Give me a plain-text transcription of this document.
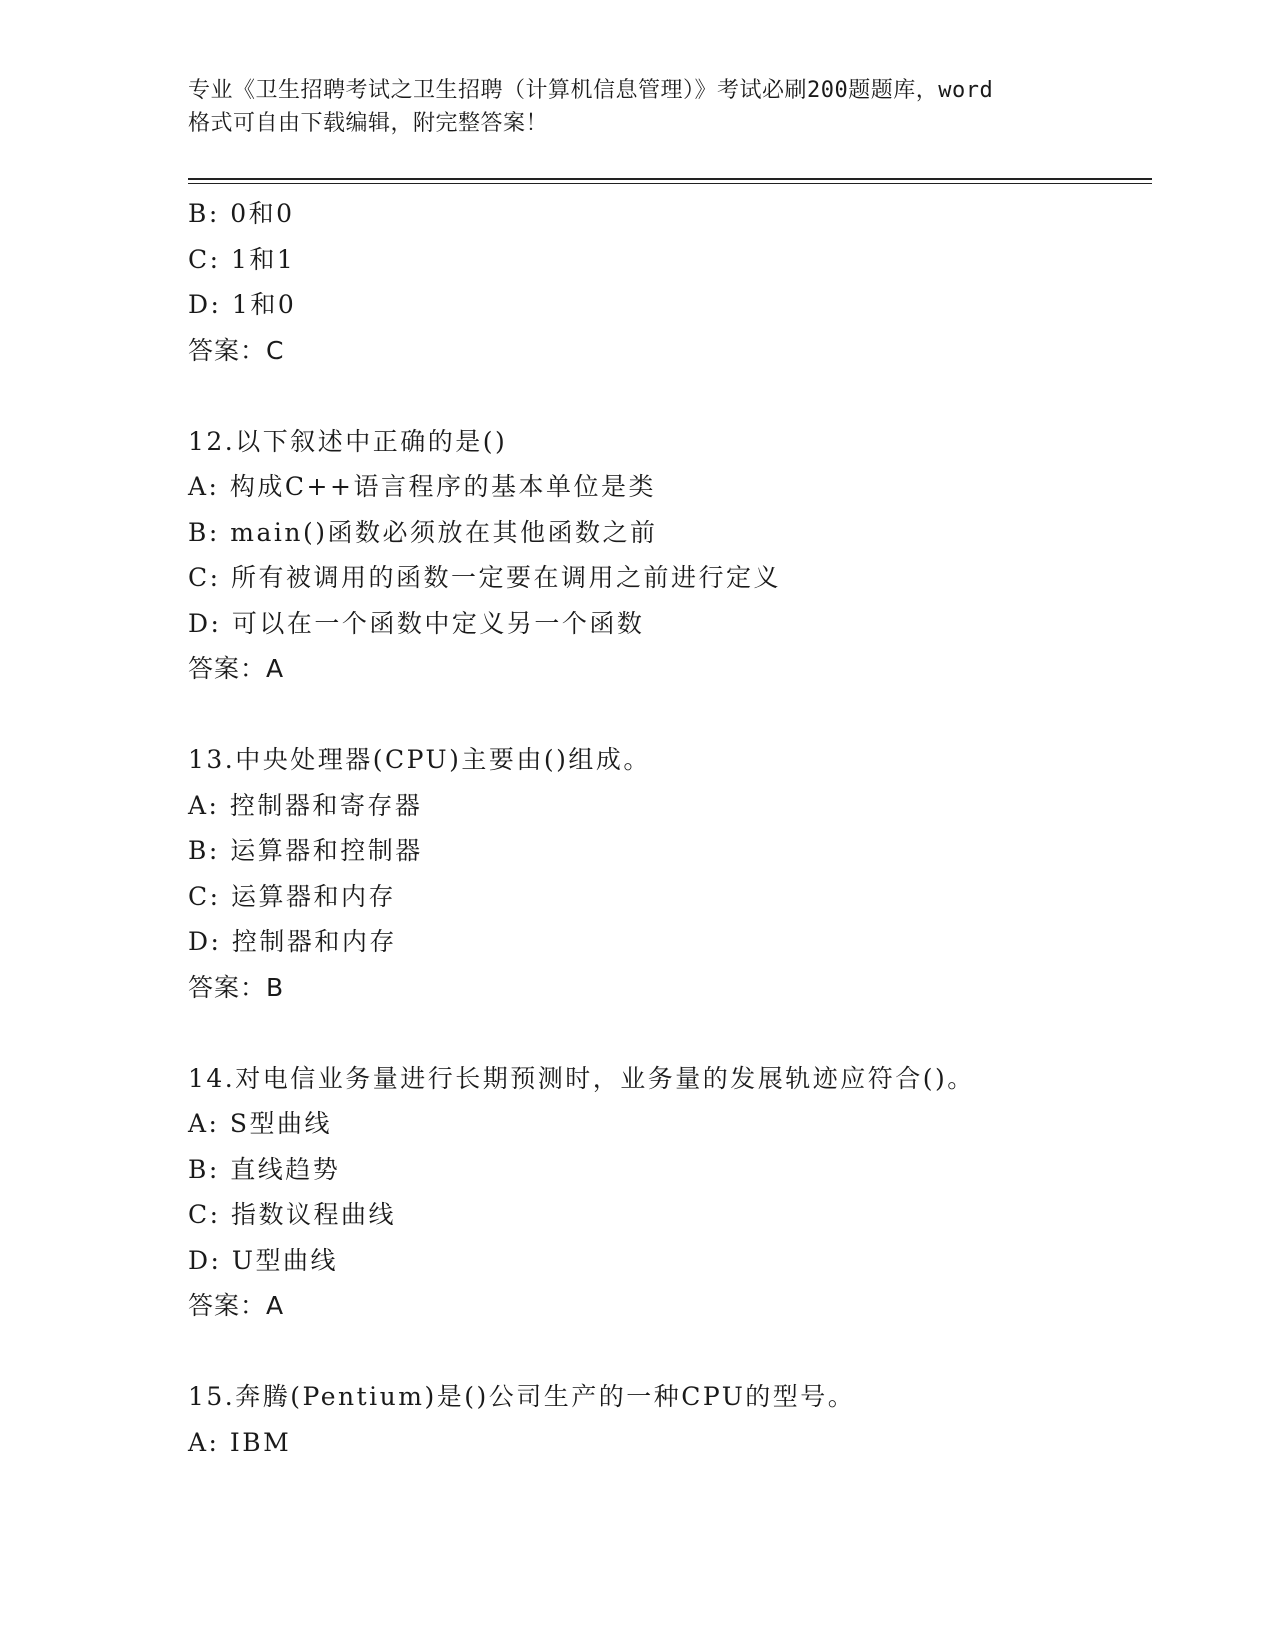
专业《卫生招聘考试之卫生招聘（计算机信息管理）》考试必刷200题题库，word
格式可自由下载编辑，附完整答案！
B: 0和0
C: 1和1
D: 1和0
答案：C
12.以下叙述中正确的是()
A: 构成C++语言程序的基本单位是类
B: main()函数必须放在其他函数之前
C: 所有被调用的函数一定要在调用之前进行定义
D: 可以在一个函数中定义另一个函数
答案：A
13.中央处理器(CPU)主要由()组成。
A: 控制器和寄存器
B: 运算器和控制器
C: 运算器和内存
D: 控制器和内存
答案：B
14.对电信业务量进行长期预测时，业务量的发展轨迹应符合()。
A: S型曲线
B: 直线趋势
C: 指数议程曲线
D: U型曲线
答案：A
15.奔腾(Pentium)是()公司生产的一种CPU的型号。
A: IBM
